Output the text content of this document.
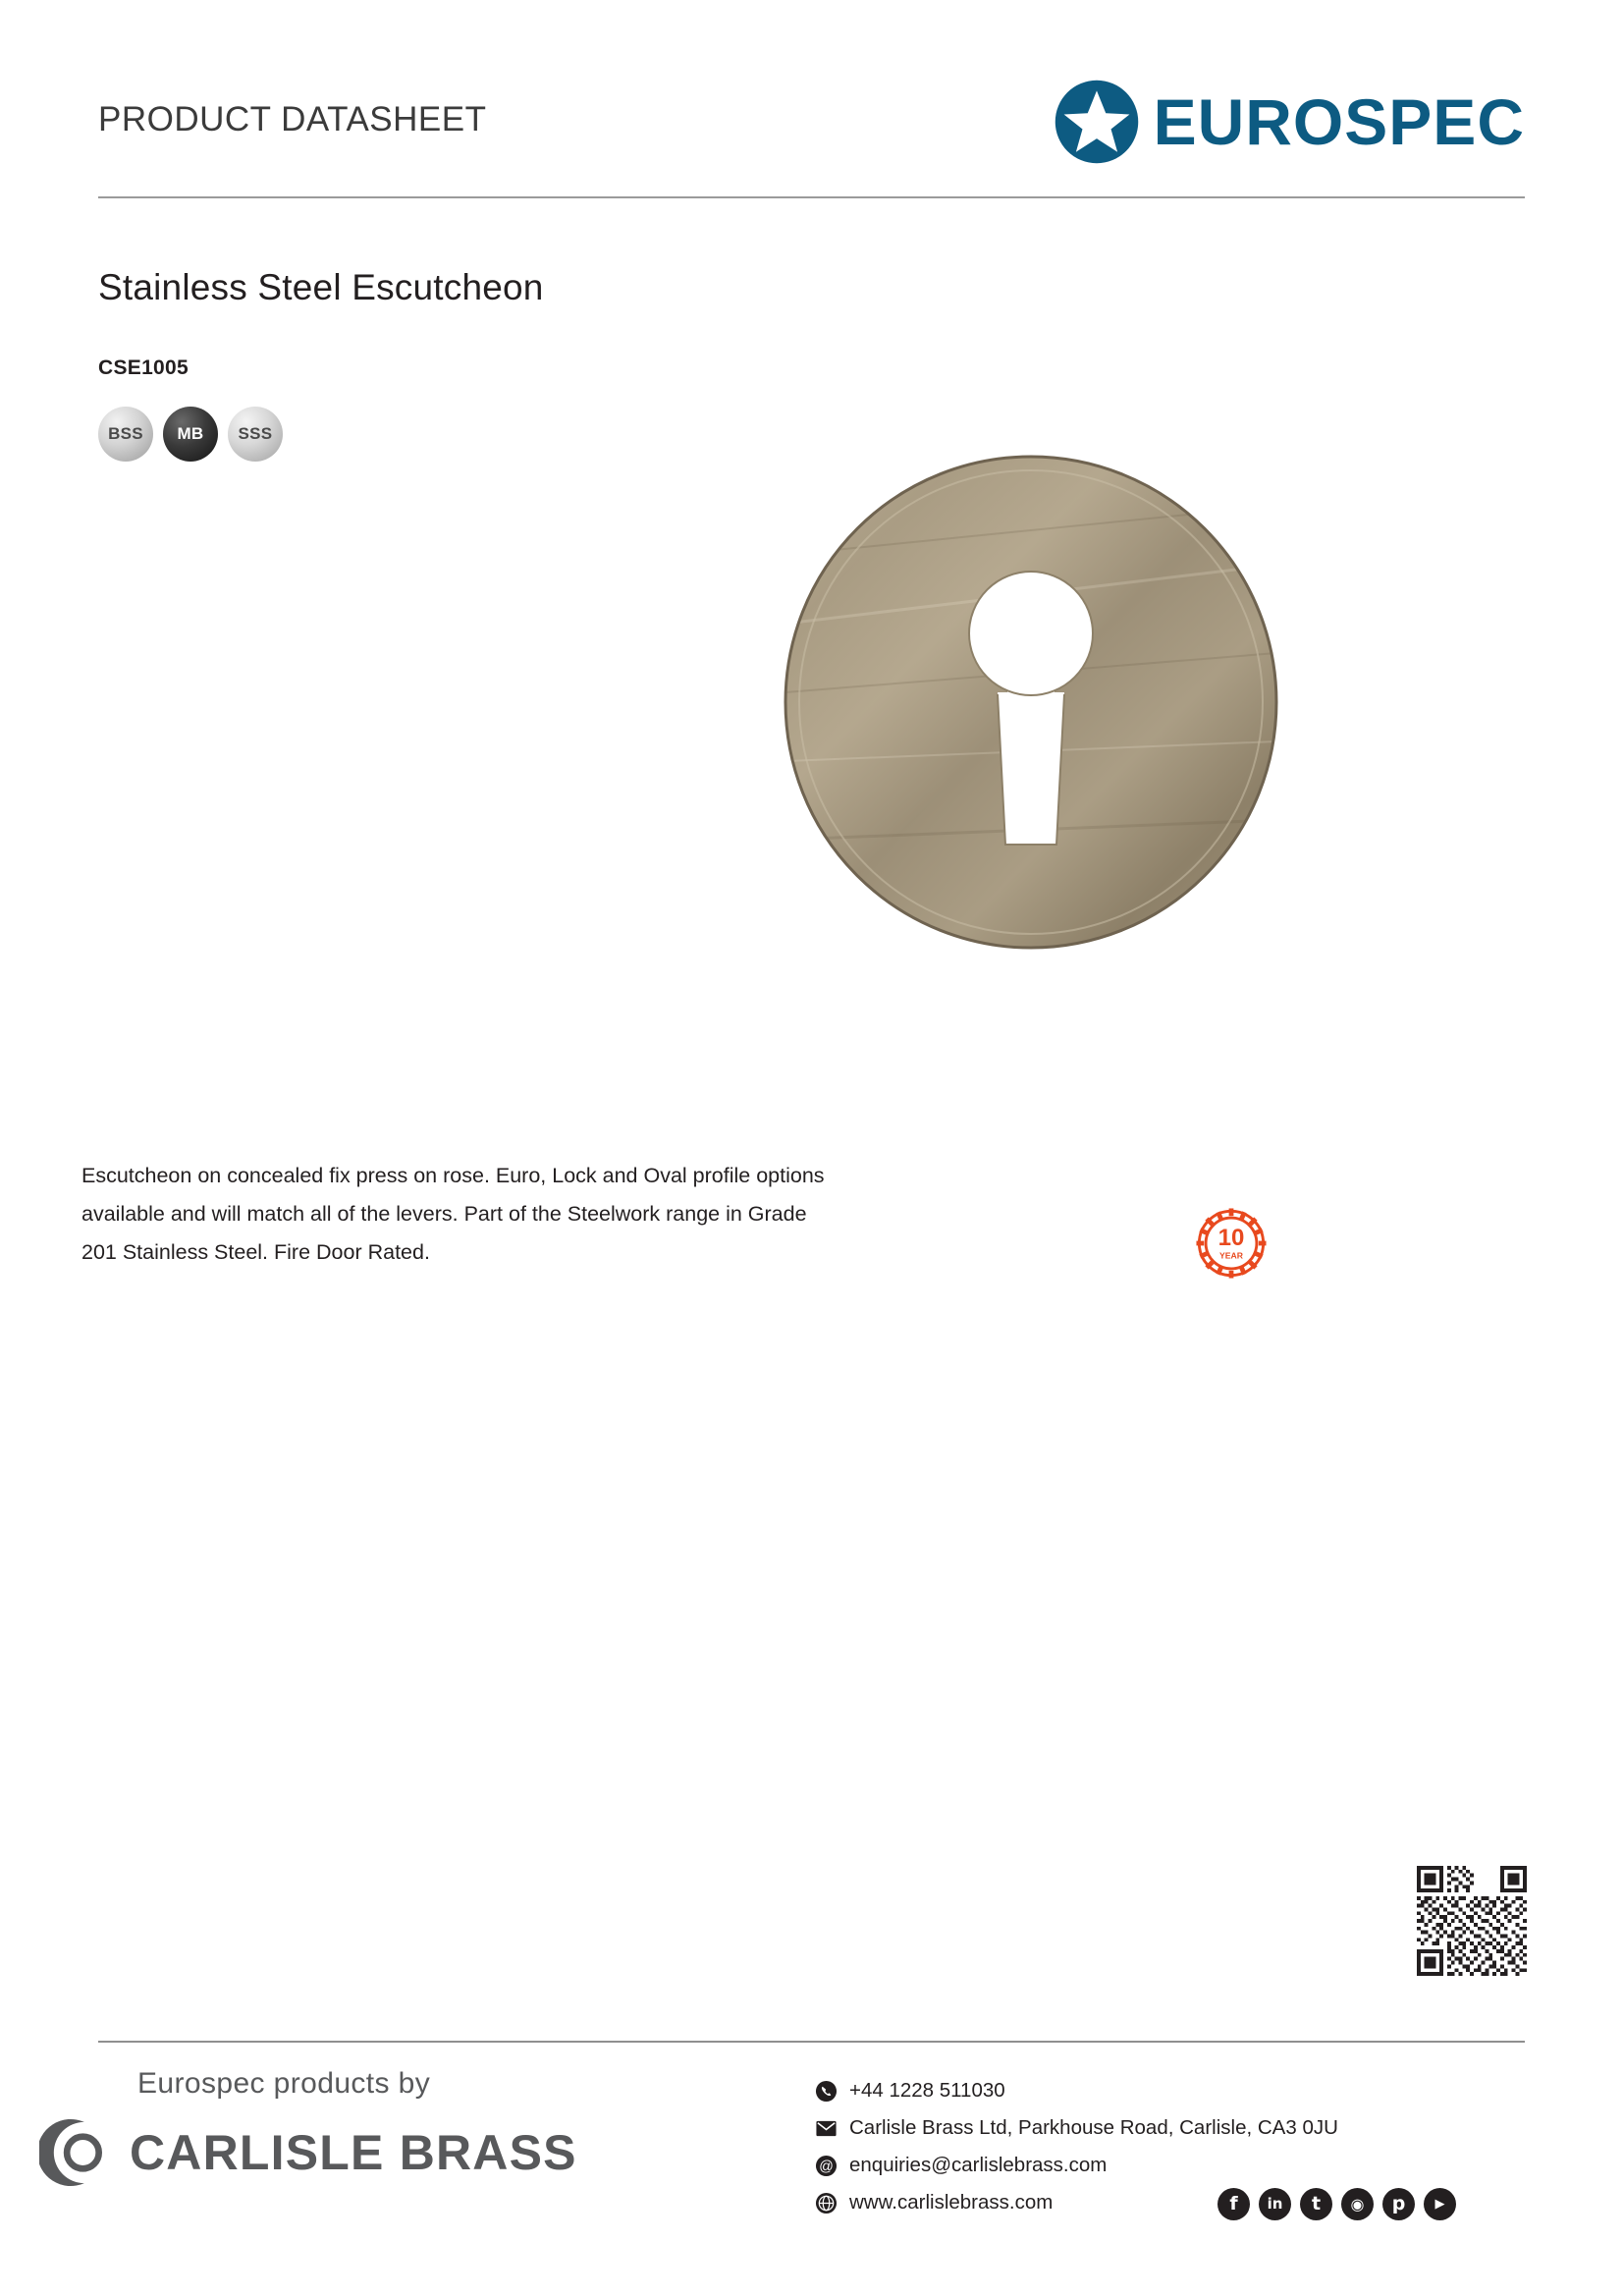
PRODUCT DATASHEET	EUROSPEC
Stainless Steel Escutcheon
CSE1005
BSS MB SSS
Escutcheon on concealed fix press on rose. Euro, Lock and Oval profile options available and will match all of the levers. Part of the Steelwork range in Grade 201 Stainless Steel. Fire Door Rated.
10
YEAR
Eurospec products by
CARLISLE BRASS
+44 1228 511030
Carlisle Brass Ltd, Parkhouse Road, Carlisle, CA3 0JU
@ enquiries@carlislebrass.com
www.carlislebrass.com	f	in	t	◉	p	▶
